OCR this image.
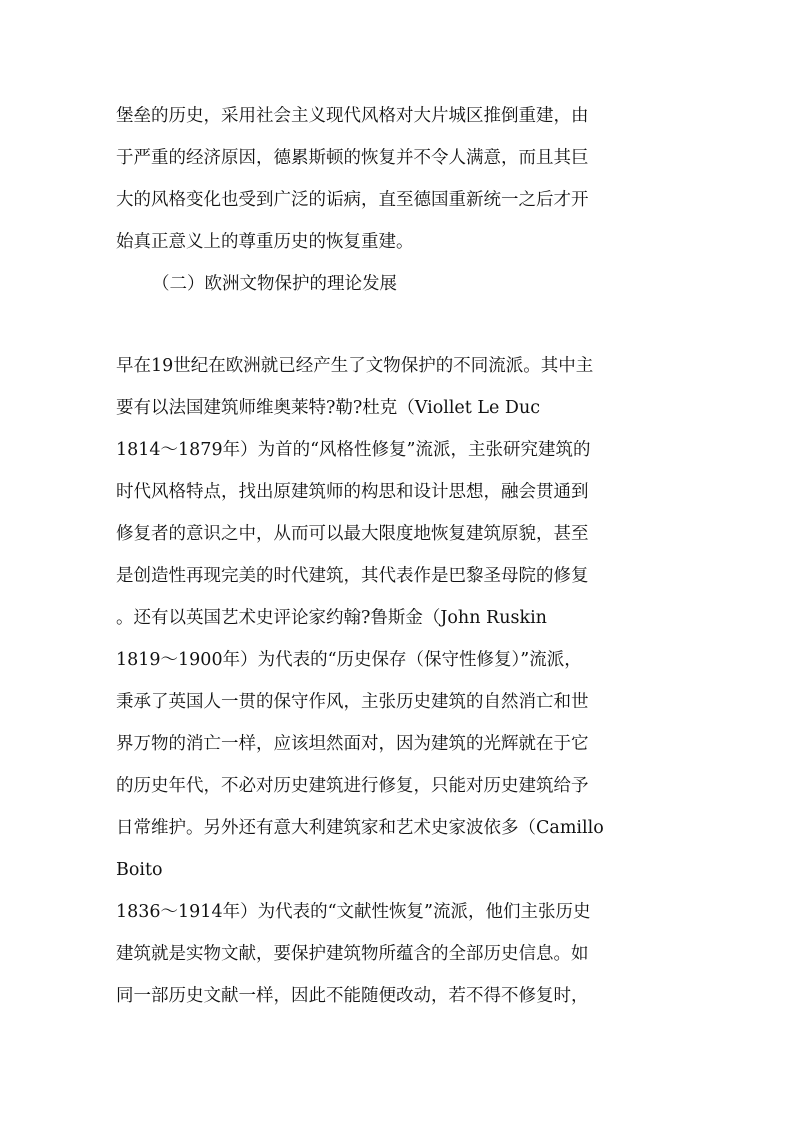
堡垒的历史，采用社会主义现代风格对大片城区推倒重建，由
于严重的经济原因，德累斯顿的恢复并不令人满意，而且其巨
大的风格变化也受到广泛的诟病，直至德国重新统一之后才开
始真正意义上的尊重历史的恢复重建。
（二）欧洲文物保护的理论发展
早在19世纪在欧洲就已经产生了文物保护的不同流派。其中主
要有以法国建筑师维奥莱特?勒?杜克（Viollet Le Duc
1814～1879年）为首的“风格性修复”流派，主张研究建筑的
时代风格特点，找出原建筑师的构思和设计思想，融会贯通到
修复者的意识之中，从而可以最大限度地恢复建筑原貌，甚至
是创造性再现完美的时代建筑，其代表作是巴黎圣母院的修复
。还有以英国艺术史评论家约翰?鲁斯金（John Ruskin
1819～1900年）为代表的“历史保存（保守性修复）”流派，
秉承了英国人一贯的保守作风，主张历史建筑的自然消亡和世
界万物的消亡一样，应该坦然面对，因为建筑的光辉就在于它
的历史年代，不必对历史建筑进行修复，只能对历史建筑给予
日常维护。另外还有意大利建筑家和艺术史家波依多（Camillo
Boito
1836～1914年）为代表的“文献性恢复”流派，他们主张历史
建筑就是实物文献，要保护建筑物所蕴含的全部历史信息。如
同一部历史文献一样，因此不能随便改动，若不得不修复时，
